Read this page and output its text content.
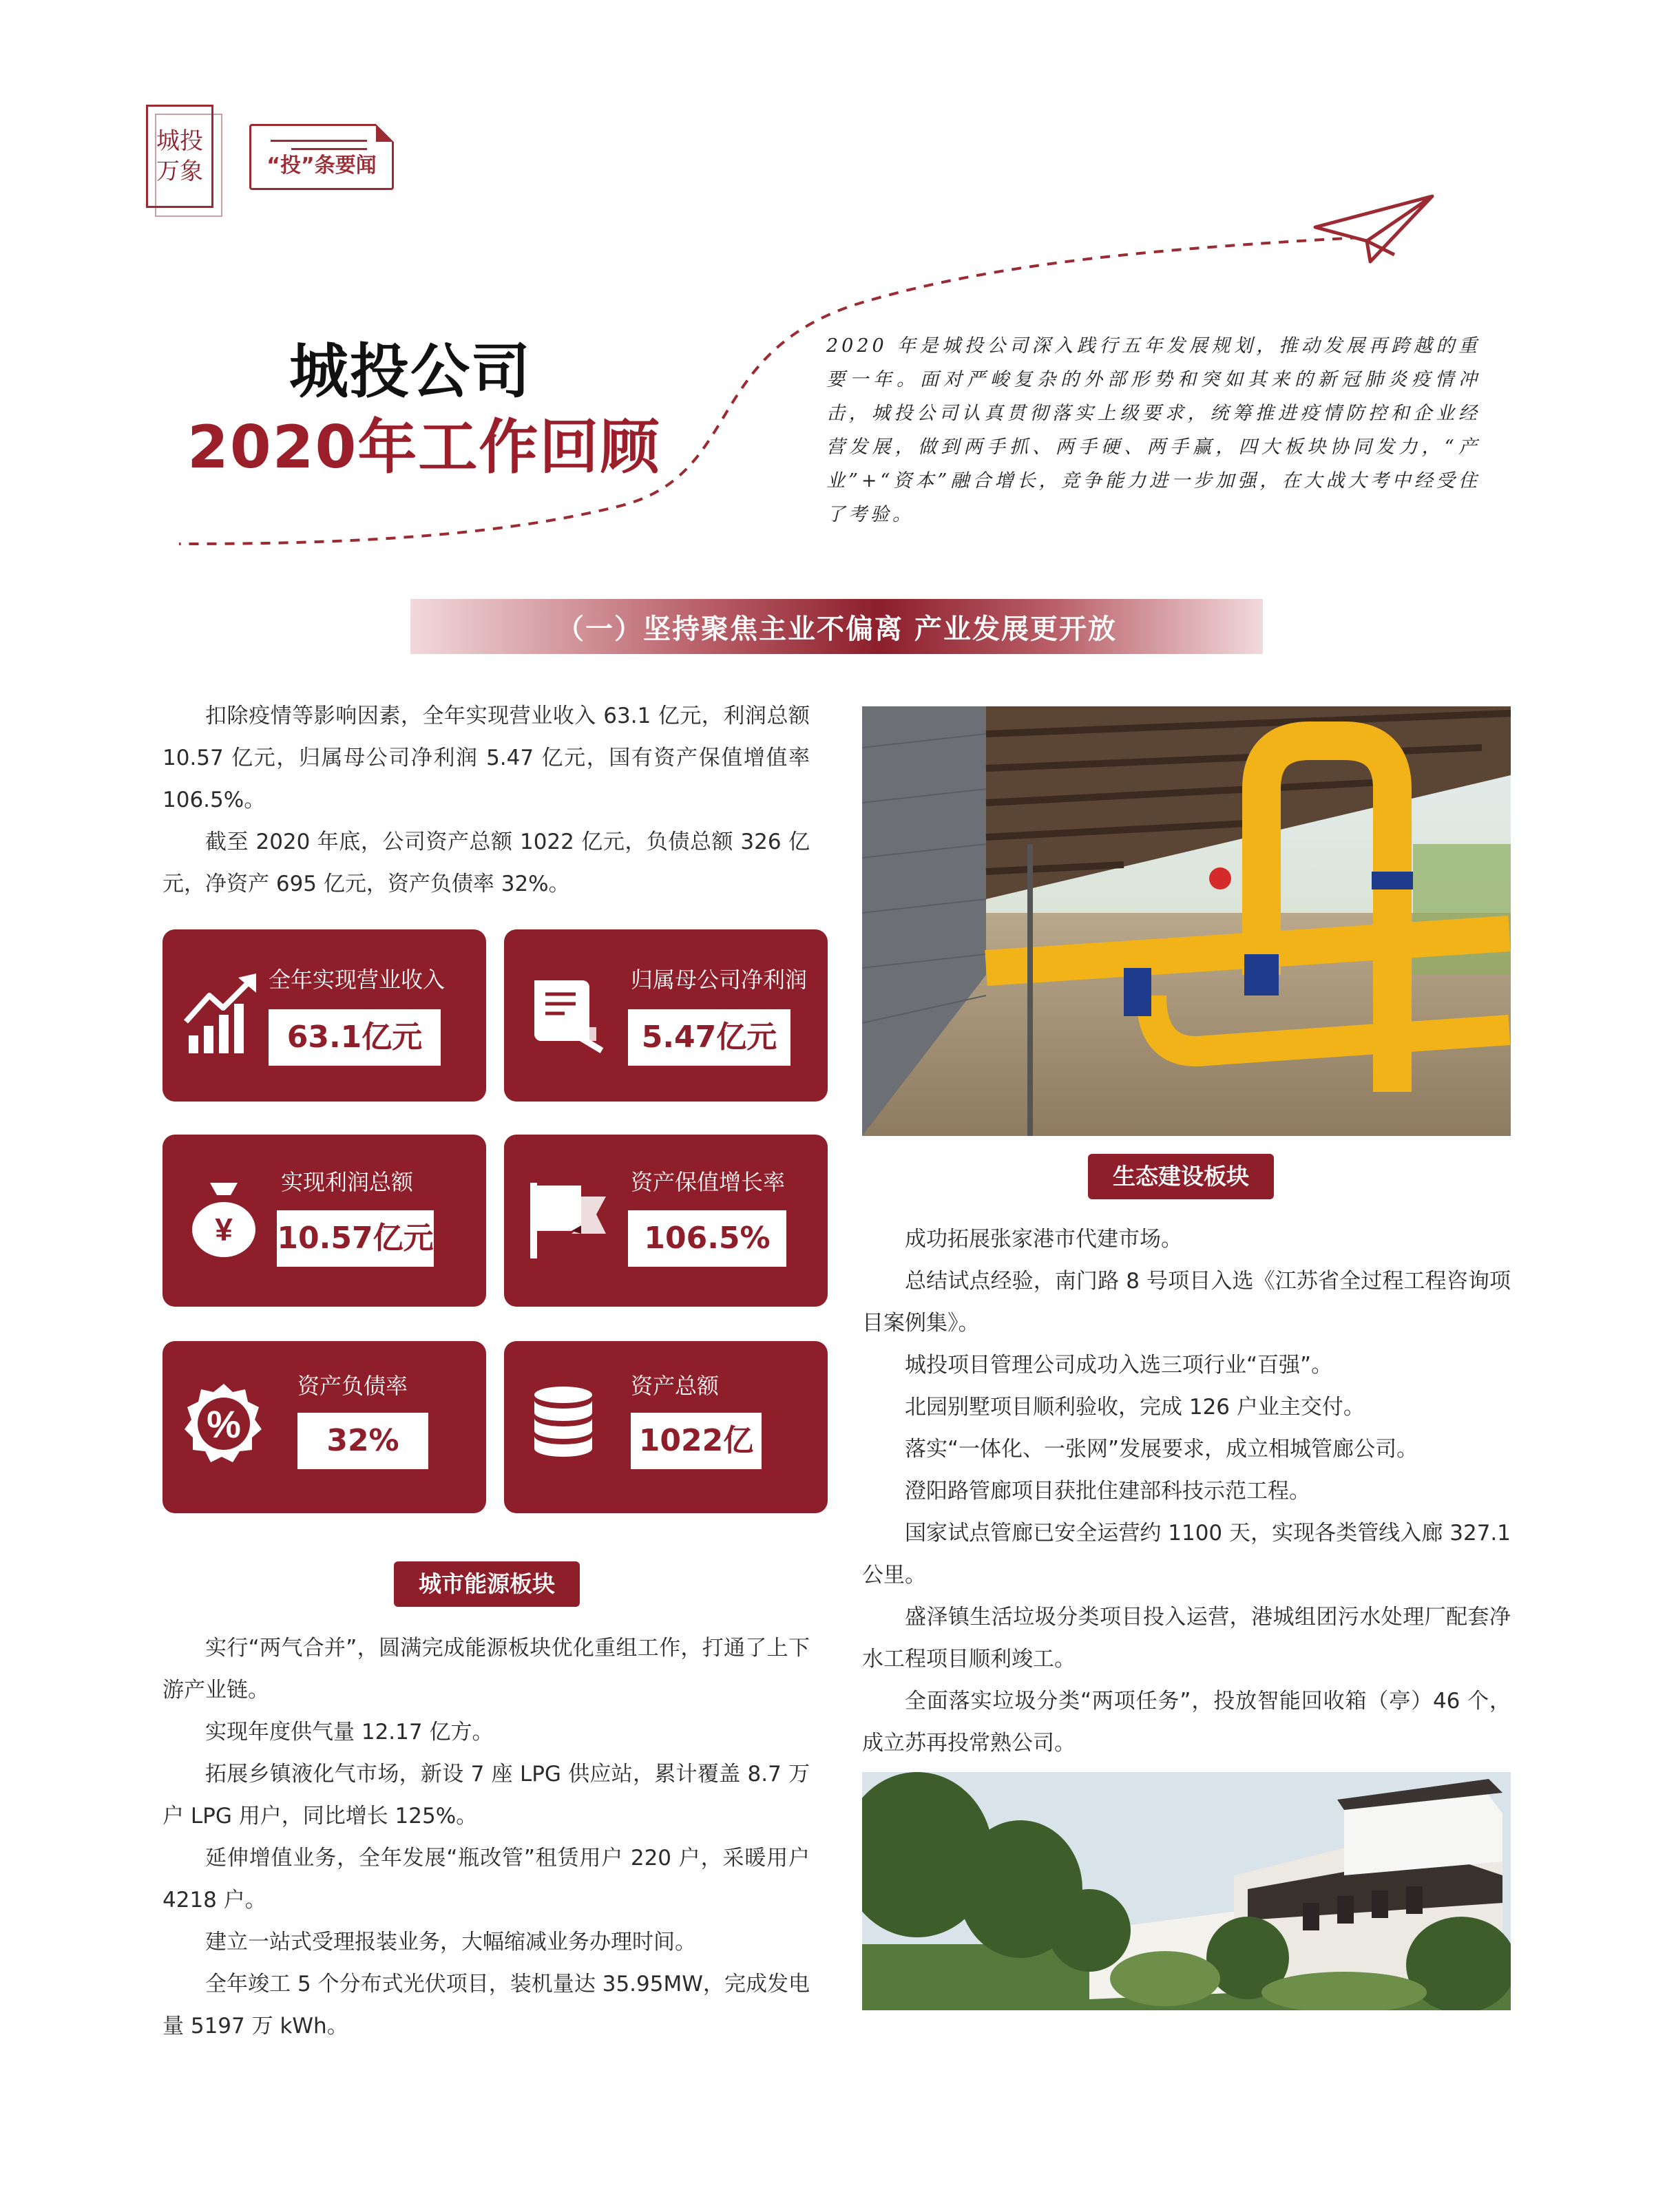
城投
万象	“投”条要闻
城投公司
2020年工作回顾
2020 年是城投公司深入践行五年发展规划，推动发展再跨越的重要一年。面对严峻复杂的外部形势和突如其来的新冠肺炎疫情冲击，城投公司认真贯彻落实上级要求，统筹推进疫情防控和企业经营发展，做到两手抓、两手硬、两手赢，四大板块协同发力，“产业”+“资本”融合增长，竞争能力进一步加强，在大战大考中经受住了考验。
（一）坚持聚焦主业不偏离 产业发展更开放

扣除疫情等影响因素，全年实现营业收入 63.1 亿元，利润总额 10.57 亿元，归属母公司净利润 5.47 亿元，国有资产保值增值率 106.5%。

截至 2020 年底，公司资产总额 1022 亿元，负债总额 326 亿元，净资产 695 亿元，资产负债率 32%。

全年实现营业收入
63.1亿元
归属母公司净利润
5.47亿元
¥
实现利润总额
10.57亿元
资产保值增长率
106.5%
%
资产负债率
32%
资产总额
1022亿
城市能源板块

实行“两气合并”，圆满完成能源板块优化重组工作，打通了上下游产业链。

实现年度供气量 12.17 亿方。

拓展乡镇液化气市场，新设 7 座 LPG 供应站，累计覆盖 8.7 万户 LPG 用户，同比增长 125%。

延伸增值业务，全年发展“瓶改管”租赁用户 220 户，采暖用户 4218 户。

建立一站式受理报装业务，大幅缩减业务办理时间。

全年竣工 5 个分布式光伏项目，装机量达 35.95MW，完成发电量 5197 万 kWh。

生态建设板块

成功拓展张家港市代建市场。

总结试点经验，南门路 8 号项目入选《江苏省全过程工程咨询项目案例集》。

城投项目管理公司成功入选三项行业“百强”。

北园别墅项目顺利验收，完成 126 户业主交付。

落实“一体化、一张网”发展要求，成立相城管廊公司。

澄阳路管廊项目获批住建部科技示范工程。

国家试点管廊已安全运营约 1100 天，实现各类管线入廊 327.1 公里。

盛泽镇生活垃圾分类项目投入运营，港城组团污水处理厂配套净水工程项目顺利竣工。

全面落实垃圾分类“两项任务”，投放智能回收箱（亭）46 个，成立苏再投常熟公司。
